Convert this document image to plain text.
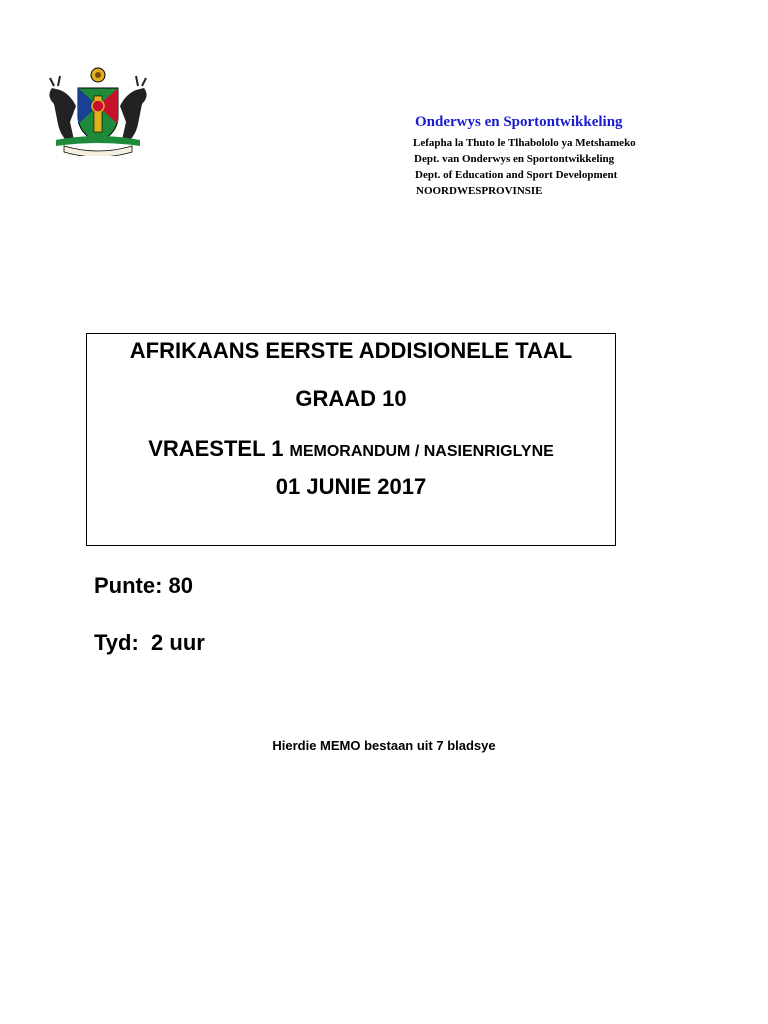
Onderwys en Sportontwikkeling
Lefapha la Thuto le Tlhabololo ya Metshameko
Dept. van Onderwys en Sportontwikkeling
Dept. of Education and Sport Development
NOORDWESPROVINSIE
AFRIKAANS EERSTE ADDISIONELE TAAL
GRAAD 10
VRAESTEL 1 MEMORANDUM / NASIENRIGLYNE
01 JUNIE 2017
Punte: 80
Tyd:  2 uur
Hierdie MEMO bestaan uit 7 bladsye
